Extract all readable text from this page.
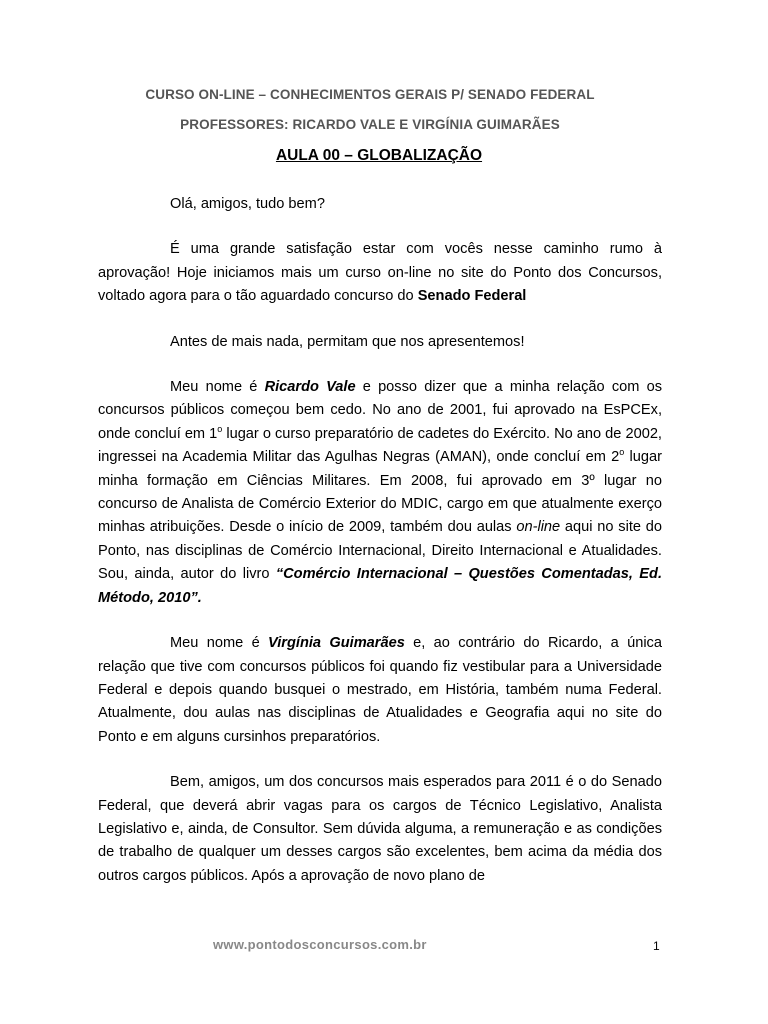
CURSO ON-LINE – CONHECIMENTOS GERAIS P/ SENADO FEDERAL
PROFESSORES: RICARDO VALE E VIRGÍNIA GUIMARÃES
AULA 00 – GLOBALIZAÇÃO

Olá, amigos, tudo bem?

É uma grande satisfação estar com vocês nesse caminho rumo à aprovação! Hoje iniciamos mais um curso on-line no site do Ponto dos Concursos, voltado agora para o tão aguardado concurso do Senado Federal

Antes de mais nada, permitam que nos apresentemos!

Meu nome é Ricardo Vale e posso dizer que a minha relação com os concursos públicos começou bem cedo. No ano de 2001, fui aprovado na EsPCEx, onde concluí em 1$^o$ lugar o curso preparatório de cadetes do Exército. No ano de 2002, ingressei na Academia Militar das Agulhas Negras (AMAN), onde concluí em 2$^o$ lugar minha formação em Ciências Militares. Em 2008, fui aprovado em 3º lugar no concurso de Analista de Comércio Exterior do MDIC, cargo em que atualmente exerço minhas atribuições. Desde o início de 2009, também dou aulas on-line aqui no site do Ponto, nas disciplinas de Comércio Internacional, Direito Internacional e Atualidades. Sou, ainda, autor do livro “Comércio Internacional – Questões Comentadas, Ed. Método, 2010”.

Meu nome é Virgínia Guimarães e, ao contrário do Ricardo, a única relação que tive com concursos públicos foi quando fiz vestibular para a Universidade Federal e depois quando busquei o mestrado, em História, também numa Federal. Atualmente, dou aulas nas disciplinas de Atualidades e Geografia aqui no site do Ponto e em alguns cursinhos preparatórios.

Bem, amigos, um dos concursos mais esperados para 2011 é o do Senado Federal, que deverá abrir vagas para os cargos de Técnico Legislativo, Analista Legislativo e, ainda, de Consultor. Sem dúvida alguma, a remuneração e as condições de trabalho de qualquer um desses cargos são excelentes, bem acima da média dos outros cargos públicos. Após a aprovação de novo plano de

www.pontodosconcursos.com.br	1
